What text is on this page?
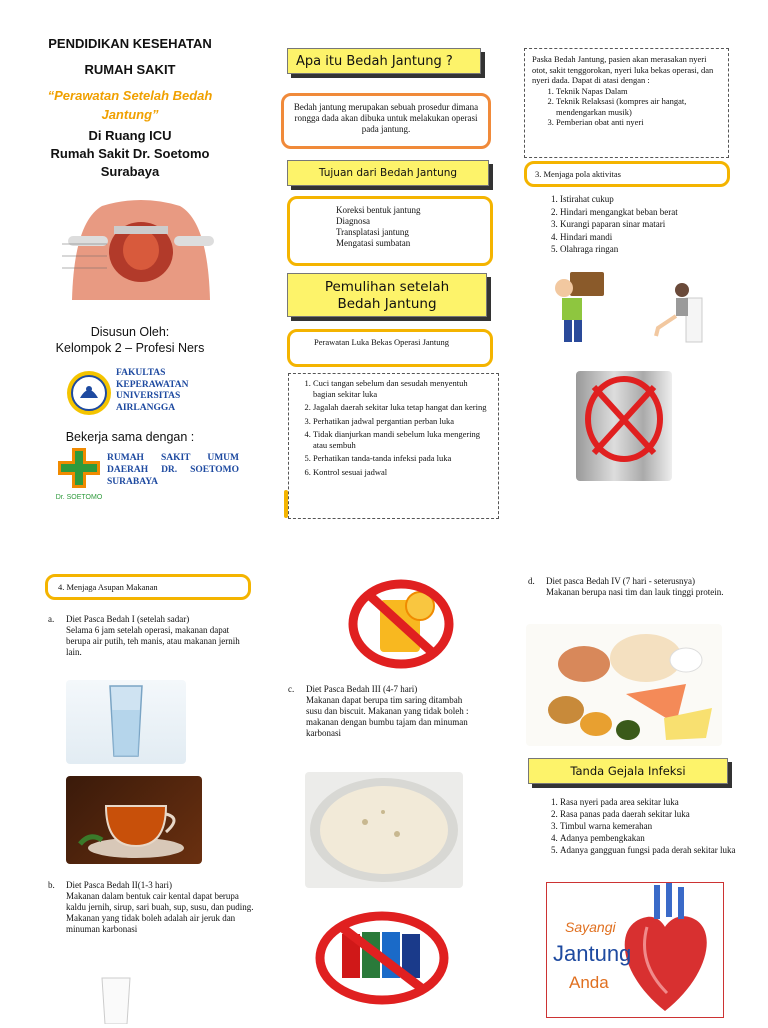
PENDIDIKAN KESEHATAN
RUMAH SAKIT
“Perawatan Setelah Bedah
Jantung”
Di Ruang ICU
Rumah Sakit Dr. Soetomo
Surabaya
Disusun Oleh:
Kelompok 2 – Profesi Ners
FAKULTAS
KEPERAWATAN
UNIVERSITAS
AIRLANGGA
Bekerja sama dengan :
Dr. SOETOMO
RUMAH SAKIT UMUM
DAERAH DR. SOETOMO
SURABAYA
Apa itu Bedah Jantung ?
Bedah jantung merupakan sebuah prosedur dimana rongga dada akan dibuka untuk melakukan operasi pada jantung.
Tujuan dari Bedah Jantung
Koreksi bentuk jantung
Diagnosa
Transplatasi jantung
Mengatasi sumbatan
Pemulihan setelah
Bedah Jantung
Perawatan Luka Bekas Operasi Jantung
1. Cuci tangan sebelum dan sesudah menyentuh bagian sekitar luka
2. Jagalah daerah sekitar luka tetap hangat dan kering
3. Perhatikan jadwal pergantian perban luka
4. Tidak dianjurkan mandi sebelum luka mengering atau sembuh
5. Perhatikan tanda-tanda infeksi pada luka
6. Kontrol sesuai jadwal
Paska Bedah Jantung, pasien akan merasakan nyeri otot, sakit tenggorokan, nyeri luka bekas operasi, dan nyeri dada. Dapat di atasi dengan :
1. Teknik Napas Dalam
2. Teknik Relaksasi (kompres air hangat, mendengarkan musik)
3. Pemberian obat anti nyeri
3. Menjaga pola aktivitas
1. Istirahat cukup
2. Hindari mengangkat beban berat
3. Kurangi paparan sinar matari
4. Hindari mandi
5. Olahraga ringan
4. Menjaga Asupan Makanan
a.	Diet Pasca Bedah I (setelah sadar)
Selama 6 jam setelah operasi, makanan dapat berupa air putih, teh manis, atau makanan jernih lain.
b.	Diet Pasca Bedah II(1-3 hari)
Makanan dalam bentuk cair kental dapat berupa kaldu jernih, sirup, sari buah, sup, susu, dan puding. Makanan yang tidak boleh adalah air jeruk dan minuman karbonasi
c.	Diet Pasca Bedah III (4-7 hari)
Makanan dapat berupa tim saring ditambah susu dan biscuit. Makanan yang tidak boleh : makanan dengan bumbu tajam dan minuman karbonasi
d.	Diet pasca Bedah IV (7 hari - seterusnya)
Makanan berupa nasi tim dan lauk tinggi protein.
Tanda Gejala Infeksi
1. Rasa nyeri pada area sekitar luka
2. Rasa panas pada daerah sekitar luka
3. Timbul warna kemerahan
4. Adanya pembengkakan
5. Adanya gangguan fungsi pada derah sekitar luka
Sayangi
Jantung
Anda
